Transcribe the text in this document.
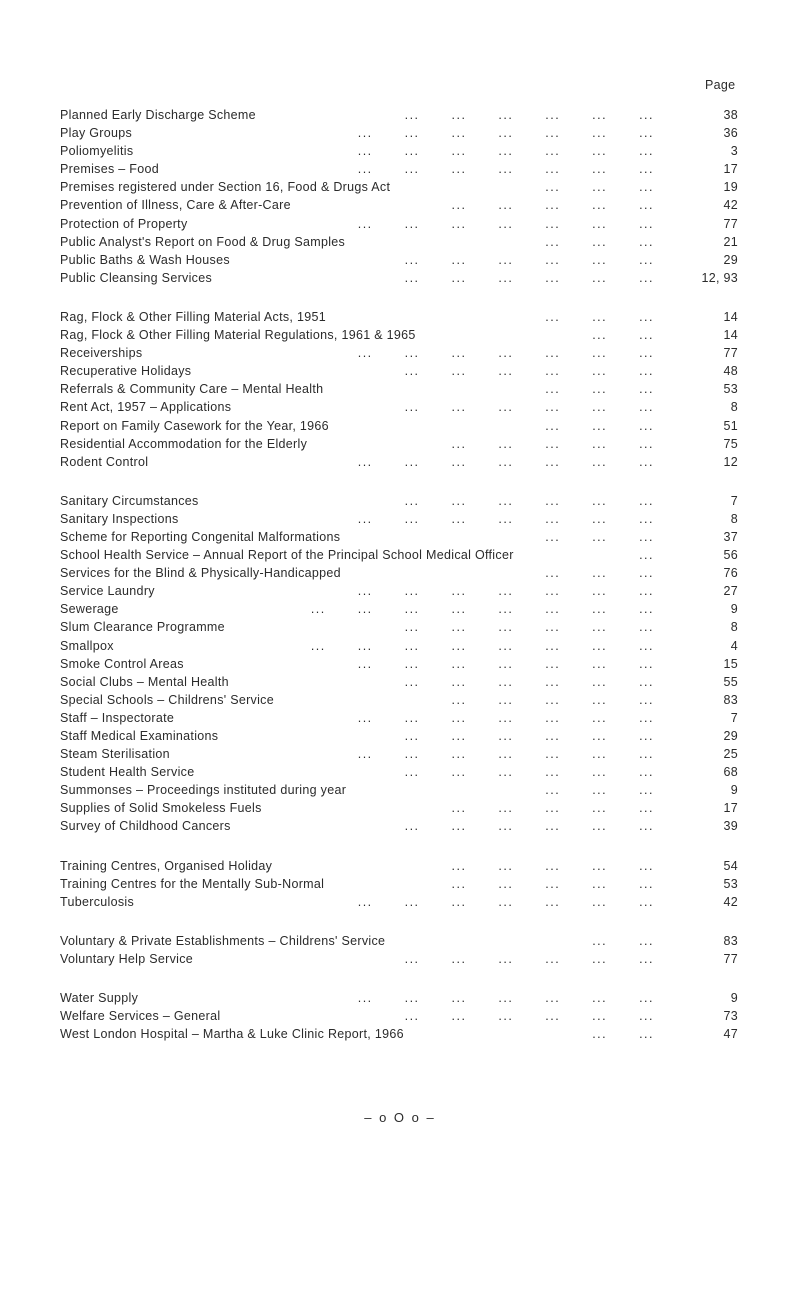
Page
Planned Early Discharge Scheme	... ... ... ... ... ...	38
Play Groups	... ... ... ... ... ... ...	36
Poliomyelitis	... ... ... ... ... ... ...	3
Premises – Food	... ... ... ... ... ... ...	17
Premises registered under Section 16, Food & Drugs Act	... ... ...	19
Prevention of Illness, Care & After-Care	... ... ... ... ...	42
Protection of Property	... ... ... ... ... ... ...	77
Public Analyst's Report on Food & Drug Samples	... ... ...	21
Public Baths & Wash Houses	... ... ... ... ... ...	29
Public Cleansing Services	... ... ... ... ... ...	12, 93
Rag, Flock & Other Filling Material Acts, 1951	... ... ...	14
Rag, Flock & Other Filling Material Regulations, 1961 & 1965	... ...	14
Receiverships	... ... ... ... ... ... ...	77
Recuperative Holidays	... ... ... ... ... ...	48
Referrals & Community Care – Mental Health	... ... ...	53
Rent Act, 1957 – Applications	... ... ... ... ... ...	8
Report on Family Casework for the Year, 1966	... ... ...	51
Residential Accommodation for the Elderly	... ... ... ... ...	75
Rodent Control	... ... ... ... ... ... ...	12
Sanitary Circumstances	... ... ... ... ... ...	7
Sanitary Inspections	... ... ... ... ... ... ...	8
Scheme for Reporting Congenital Malformations	... ... ...	37
School Health Service – Annual Report of the Principal School Medical Officer	...	56
Services for the Blind & Physically-Handicapped	... ... ...	76
Service Laundry	... ... ... ... ... ... ...	27
Sewerage	... ... ... ... ... ... ... ...	9
Slum Clearance Programme	... ... ... ... ... ...	8
Smallpox	... ... ... ... ... ... ... ...	4
Smoke Control Areas	... ... ... ... ... ... ...	15
Social Clubs – Mental Health	... ... ... ... ... ...	55
Special Schools – Childrens' Service	... ... ... ... ...	83
Staff – Inspectorate	... ... ... ... ... ... ...	7
Staff Medical Examinations	... ... ... ... ... ...	29
Steam Sterilisation	... ... ... ... ... ... ...	25
Student Health Service	... ... ... ... ... ...	68
Summonses – Proceedings instituted during year	... ... ...	9
Supplies of Solid Smokeless Fuels	... ... ... ... ...	17
Survey of Childhood Cancers	... ... ... ... ... ...	39
Training Centres, Organised Holiday	... ... ... ... ...	54
Training Centres for the Mentally Sub-Normal	... ... ... ... ...	53
Tuberculosis	... ... ... ... ... ... ...	42
Voluntary & Private Establishments – Childrens' Service	... ...	83
Voluntary Help Service	... ... ... ... ... ...	77
Water Supply	... ... ... ... ... ... ...	9
Welfare Services – General	... ... ... ... ... ...	73
West London Hospital – Martha & Luke Clinic Report, 1966	... ...	47
– o O o –
